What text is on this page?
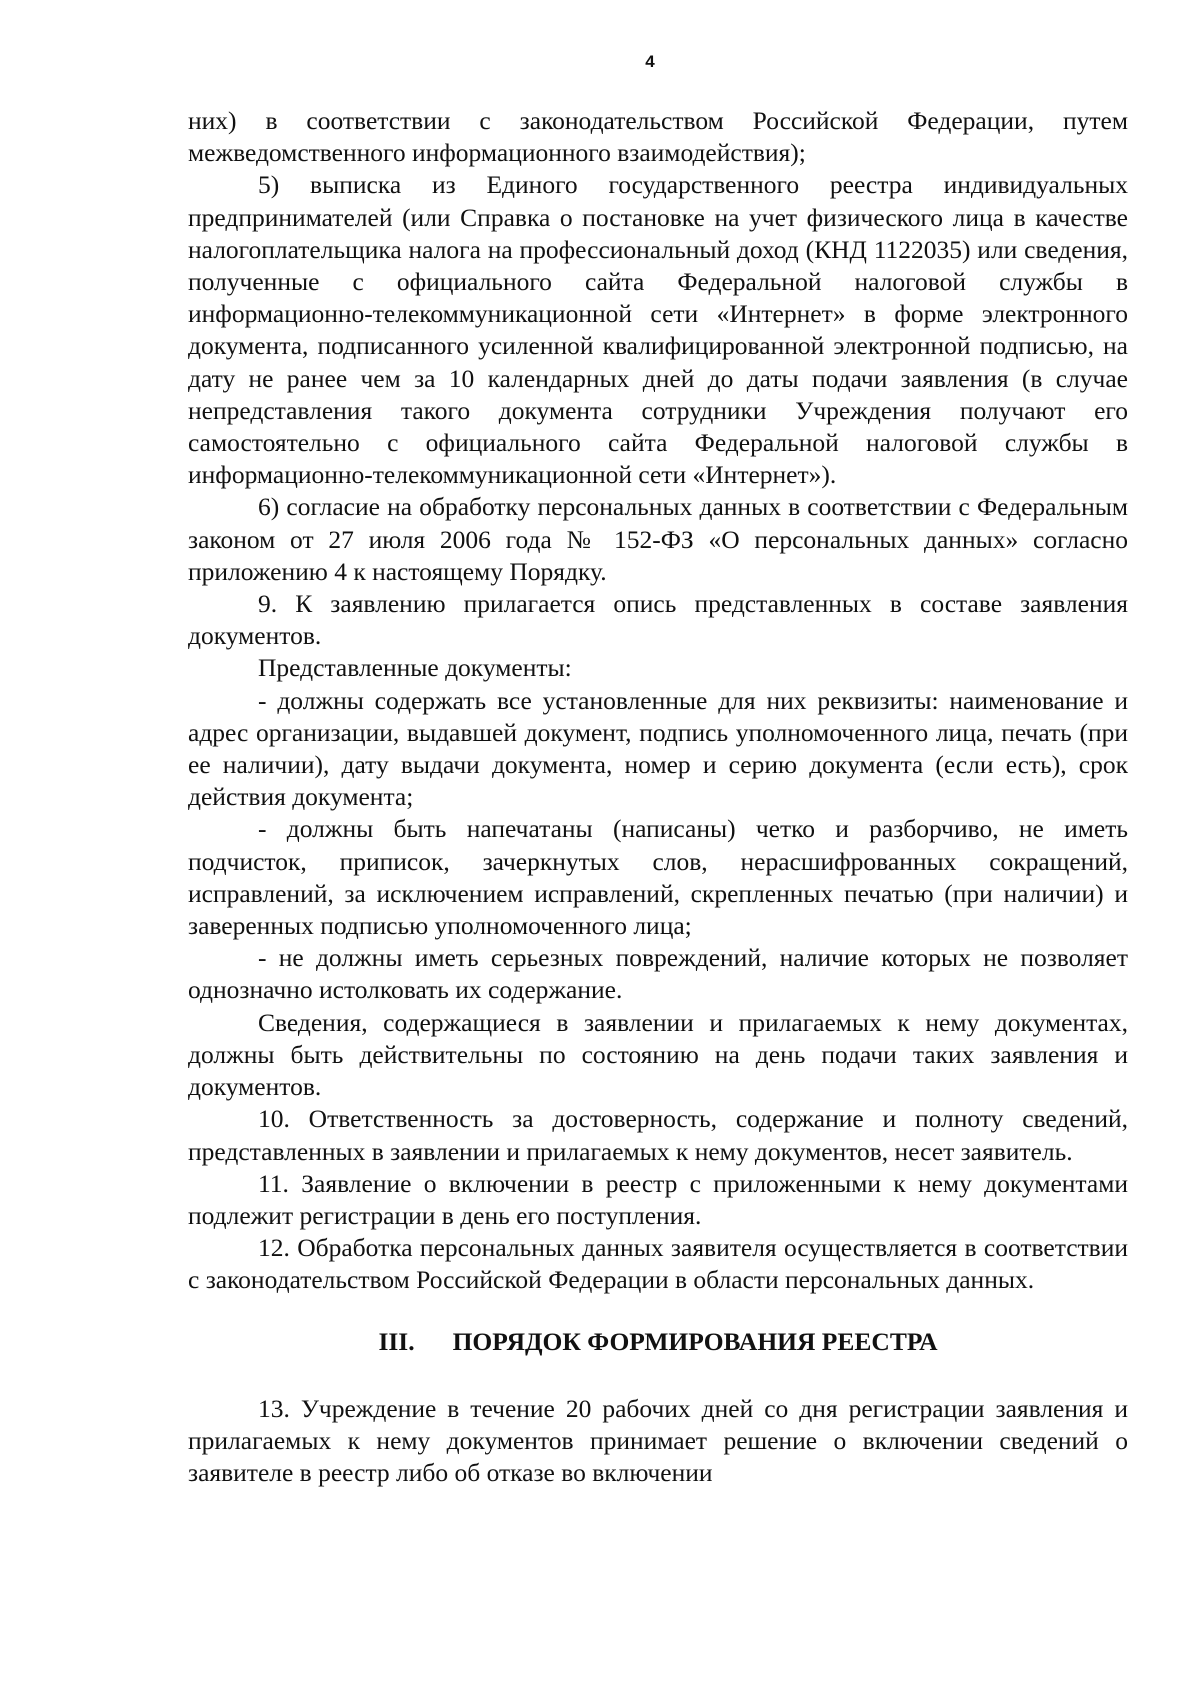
4

них) в соответствии с законодательством Российской Федерации, путем межведомственного информационного взаимодействия);

5) выписка из Единого государственного реестра индивидуальных предпринимателей (или Справка о постановке на учет физического лица в качестве налогоплательщика налога на профессиональный доход (КНД 1122035) или сведения, полученные с официального сайта Федеральной налоговой службы в информационно-телекоммуникационной сети «Интернет» в форме электронного документа, подписанного усиленной квалифицированной электронной подписью, на дату не ранее чем за 10 календарных дней до даты подачи заявления (в случае непредставления такого документа сотрудники Учреждения получают его самостоятельно с официального сайта Федеральной налоговой службы в информационно-телекоммуникационной сети «Интернет»).

6) согласие на обработку персональных данных в соответствии с Федеральным законом от 27 июля 2006 года № 152-ФЗ «О персональных данных» согласно приложению 4 к настоящему Порядку.

9. К заявлению прилагается опись представленных в составе заявления документов.

Представленные документы:

- должны содержать все установленные для них реквизиты: наименование и адрес организации, выдавшей документ, подпись уполномоченного лица, печать (при ее наличии), дату выдачи документа, номер и серию документа (если есть), срок действия документа;

- должны быть напечатаны (написаны) четко и разборчиво, не иметь подчисток, приписок, зачеркнутых слов, нерасшифрованных сокращений, исправлений, за исключением исправлений, скрепленных печатью (при наличии) и заверенных подписью уполномоченного лица;

- не должны иметь серьезных повреждений, наличие которых не позволяет однозначно истолковать их содержание.

Сведения, содержащиеся в заявлении и прилагаемых к нему документах, должны быть действительны по состоянию на день подачи таких заявления и документов.

10. Ответственность за достоверность, содержание и полноту сведений, представленных в заявлении и прилагаемых к нему документов, несет заявитель.

11. Заявление о включении в реестр с приложенными к нему документами подлежит регистрации в день его поступления.

12. Обработка персональных данных заявителя осуществляется в соответствии с законодательством Российской Федерации в области персональных данных.

III. ПОРЯДОК ФОРМИРОВАНИЯ РЕЕСТРА

13. Учреждение в течение 20 рабочих дней со дня регистрации заявления и прилагаемых к нему документов принимает решение о включении сведений о заявителе в реестр либо об отказе во включении
